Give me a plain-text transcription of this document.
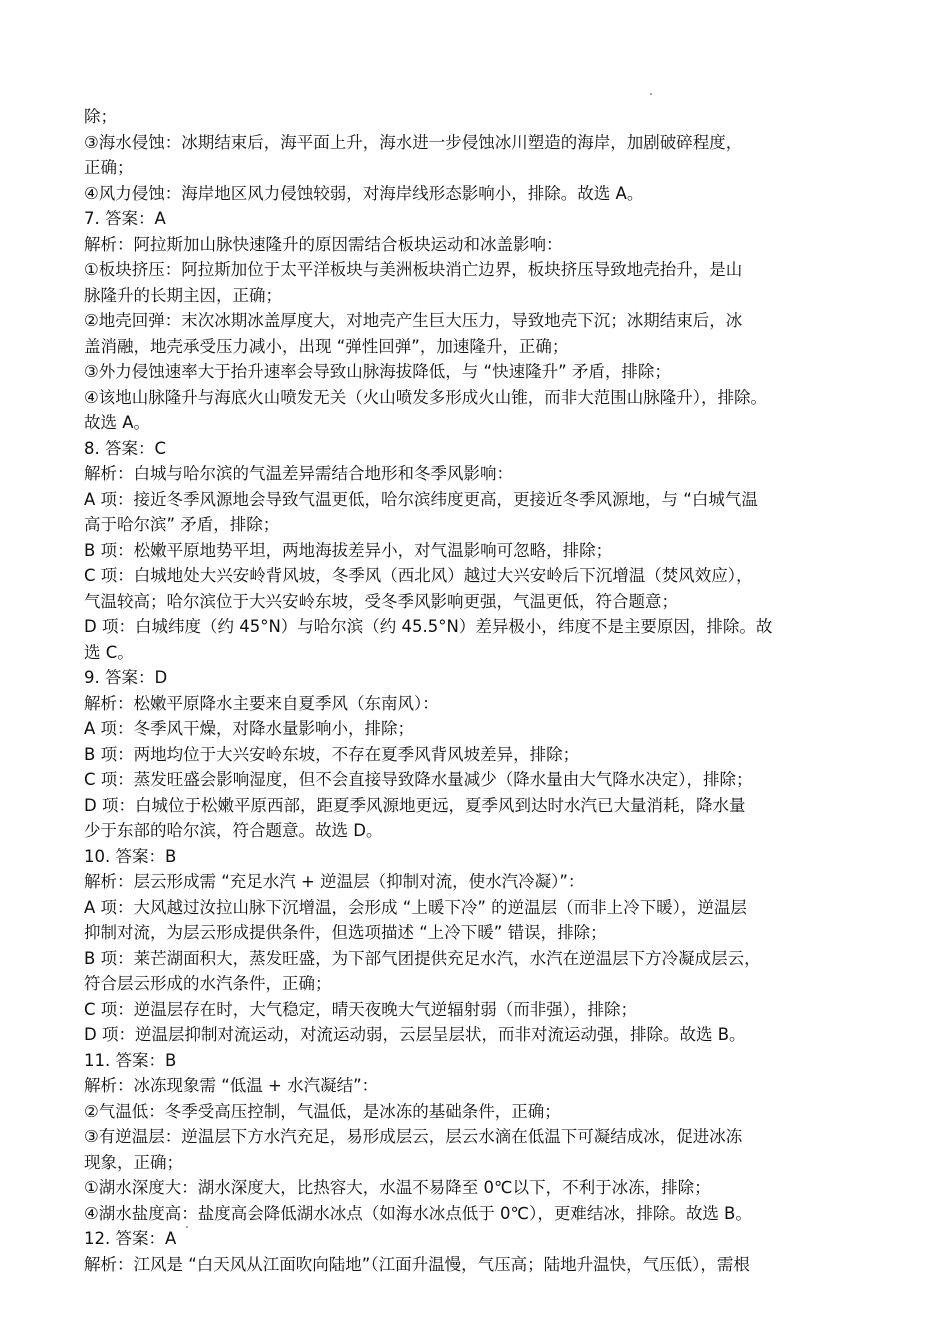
除；
③海水侵蚀：冰期结束后，海平面上升，海水进一步侵蚀冰川塑造的海岸，加剧破碎程度，
正确；
④风力侵蚀：海岸地区风力侵蚀较弱，对海岸线形态影响小，排除。故选 A。
7. 答案：A
解析：阿拉斯加山脉快速隆升的原因需结合板块运动和冰盖影响：
①板块挤压：阿拉斯加位于太平洋板块与美洲板块消亡边界，板块挤压导致地壳抬升，是山
脉隆升的长期主因，正确；
②地壳回弹：末次冰期冰盖厚度大，对地壳产生巨大压力，导致地壳下沉；冰期结束后，冰
盖消融，地壳承受压力减小，出现 “弹性回弹”，加速隆升，正确；
③外力侵蚀速率大于抬升速率会导致山脉海拔降低，与 “快速隆升” 矛盾，排除；
④该地山脉隆升与海底火山喷发无关（火山喷发多形成火山锥，而非大范围山脉隆升），排除。
故选 A。
8. 答案：C
解析：白城与哈尔滨的气温差异需结合地形和冬季风影响：
A 项：接近冬季风源地会导致气温更低，哈尔滨纬度更高，更接近冬季风源地，与 “白城气温
高于哈尔滨” 矛盾，排除；
B 项：松嫩平原地势平坦，两地海拔差异小，对气温影响可忽略，排除；
C 项：白城地处大兴安岭背风坡，冬季风（西北风）越过大兴安岭后下沉增温（焚风效应），
气温较高；哈尔滨位于大兴安岭东坡，受冬季风影响更强，气温更低，符合题意；
D 项：白城纬度（约 45°N）与哈尔滨（约 45.5°N）差异极小，纬度不是主要原因，排除。故
选 C。
9. 答案：D
解析：松嫩平原降水主要来自夏季风（东南风）：
A 项：冬季风干燥，对降水量影响小，排除；
B 项：两地均位于大兴安岭东坡，不存在夏季风背风坡差异，排除；
C 项：蒸发旺盛会影响湿度，但不会直接导致降水量减少（降水量由大气降水决定），排除；
D 项：白城位于松嫩平原西部，距夏季风源地更远，夏季风到达时水汽已大量消耗，降水量
少于东部的哈尔滨，符合题意。故选 D。
10. 答案：B
解析：层云形成需 “充足水汽 + 逆温层（抑制对流，使水汽冷凝）”：
A 项：大风越过汝拉山脉下沉增温，会形成 “上暖下冷” 的逆温层（而非上冷下暖），逆温层
抑制对流，为层云形成提供条件，但选项描述 “上冷下暖” 错误，排除；
B 项：莱芒湖面积大，蒸发旺盛，为下部气团提供充足水汽，水汽在逆温层下方冷凝成层云，
符合层云形成的水汽条件，正确；
C 项：逆温层存在时，大气稳定，晴天夜晚大气逆辐射弱（而非强），排除；
D 项：逆温层抑制对流运动，对流运动弱，云层呈层状，而非对流运动强，排除。故选 B。
11. 答案：B
解析：冰冻现象需 “低温 + 水汽凝结”：
②气温低：冬季受高压控制，气温低，是冰冻的基础条件，正确；
③有逆温层：逆温层下方水汽充足，易形成层云，层云水滴在低温下可凝结成冰，促进冰冻
现象，正确；
①湖水深度大：湖水深度大，比热容大，水温不易降至 0℃以下，不利于冰冻，排除；
④湖水盐度高：盐度高会降低湖水冰点（如海水冰点低于 0℃），更难结冰，排除。故选 B。
12. 答案：A
解析：江风是 “白天风从江面吹向陆地”（江面升温慢，气压高；陆地升温快，气压低），需根
